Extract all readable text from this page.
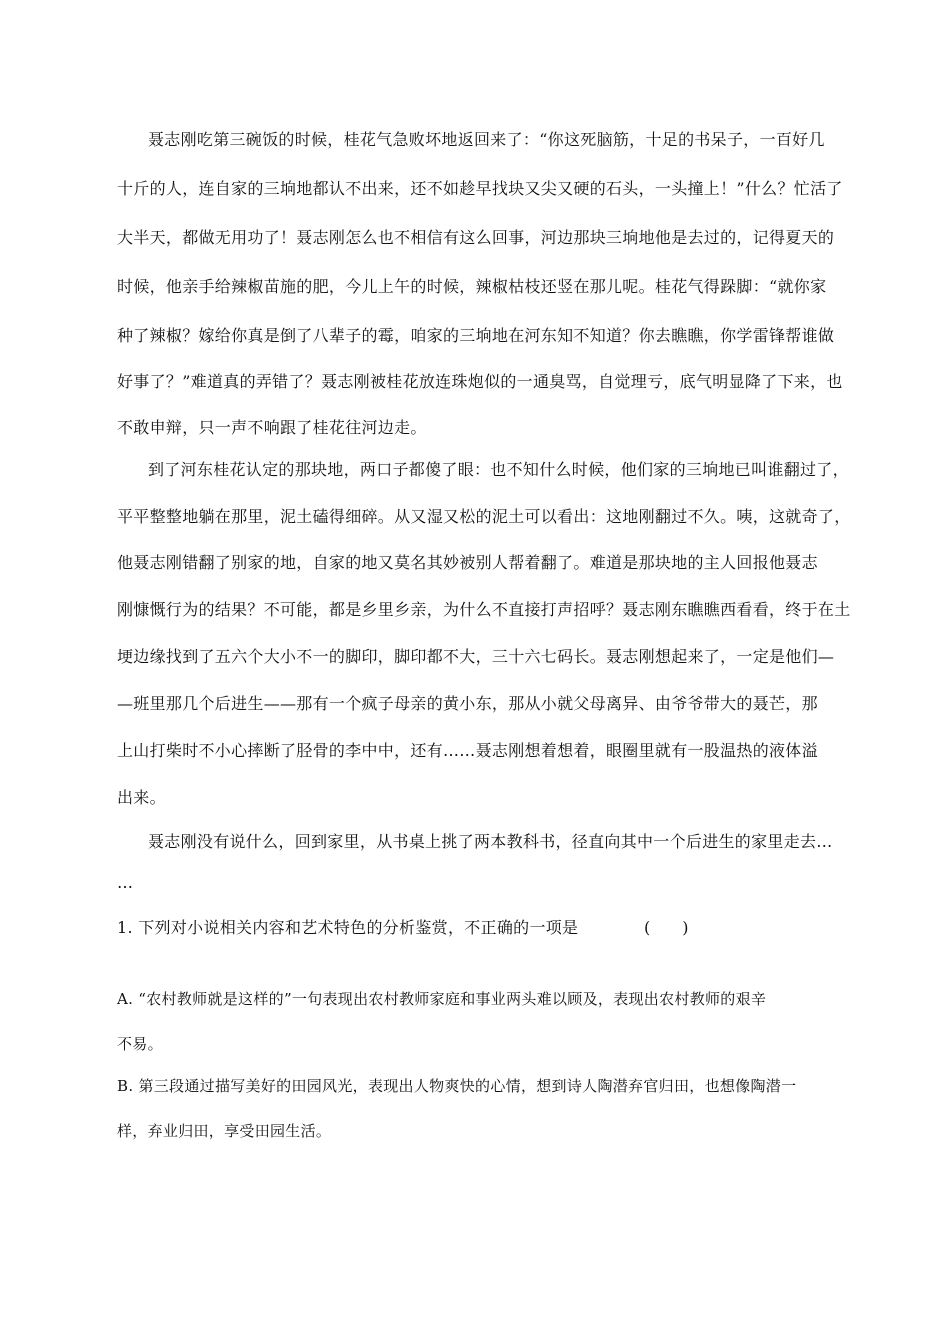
聂志刚吃第三碗饭的时候，桂花气急败坏地返回来了：“你这死脑筋，十足的书呆子，一百好几
十斤的人，连自家的三垧地都认不出来，还不如趁早找块又尖又硬的石头，一头撞上！”什么？忙活了
大半天，都做无用功了！聂志刚怎么也不相信有这么回事，河边那块三垧地他是去过的，记得夏天的
时候，他亲手给辣椒苗施的肥，今儿上午的时候，辣椒枯枝还竖在那儿呢。桂花气得跺脚：“就你家
种了辣椒？嫁给你真是倒了八辈子的霉，咱家的三垧地在河东知不知道？你去瞧瞧，你学雷锋帮谁做
好事了？”难道真的弄错了？聂志刚被桂花放连珠炮似的一通臭骂，自觉理亏，底气明显降了下来，也
不敢申辩，只一声不响跟了桂花往河边走。
到了河东桂花认定的那块地，两口子都傻了眼：也不知什么时候，他们家的三垧地已叫谁翻过了，
平平整整地躺在那里，泥土磕得细碎。从又湿又松的泥土可以看出：这地刚翻过不久。咦，这就奇了，
他聂志刚错翻了别家的地，自家的地又莫名其妙被别人帮着翻了。难道是那块地的主人回报他聂志
刚慷慨行为的结果？不可能，都是乡里乡亲，为什么不直接打声招呼？聂志刚东瞧瞧西看看，终于在土
埂边缘找到了五六个大小不一的脚印，脚印都不大，三十六七码长。聂志刚想起来了，一定是他们—
—班里那几个后进生——那有一个疯子母亲的黄小东，那从小就父母离异、由爷爷带大的聂芒，那
上山打柴时不小心摔断了胫骨的李中中，还有……聂志刚想着想着，眼圈里就有一股温热的液体溢
出来。
聂志刚没有说什么，回到家里，从书桌上挑了两本教科书，径直向其中一个后进生的家里走去…
…
1. 下列对小说相关内容和艺术特色的分析鉴赏，不正确的一项是	(　　)
A. “农村教师就是这样的”一句表现出农村教师家庭和事业两头难以顾及，表现出农村教师的艰辛
不易。
B. 第三段通过描写美好的田园风光，表现出人物爽快的心情，想到诗人陶潜弃官归田，也想像陶潜一
样，弃业归田，享受田园生活。
